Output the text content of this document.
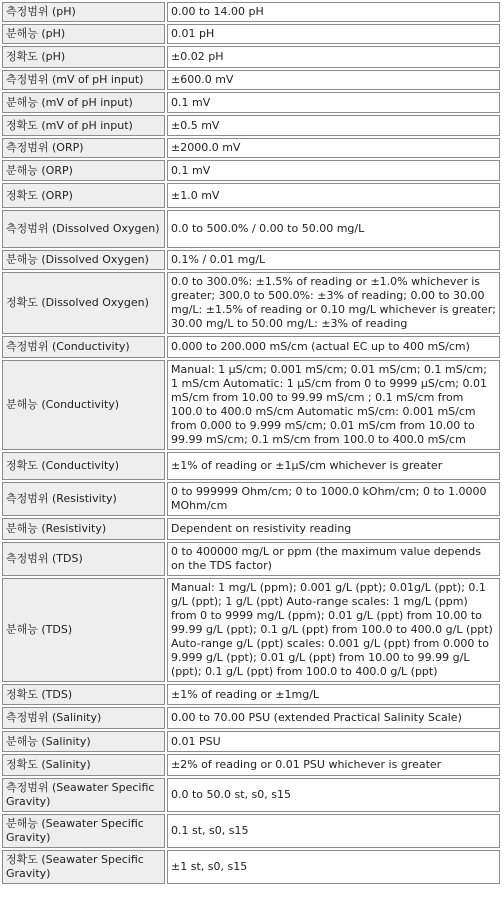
측정범위 (pH)	0.00 to 14.00 pH
분해능 (pH)	0.01 pH
정확도 (pH)	±0.02 pH
측정범위 (mV of pH input)	±600.0 mV
분해능 (mV of pH input)	0.1 mV
정확도 (mV of pH input)	±0.5 mV
측정범위 (ORP)	±2000.0 mV
분해능 (ORP)	0.1 mV
정확도 (ORP)	±1.0 mV
측정범위 (Dissolved Oxygen)	0.0 to 500.0% / 0.00 to 50.00 mg/L
분해능 (Dissolved Oxygen)	0.1% / 0.01 mg/L
정확도 (Dissolved Oxygen)	0.0 to 300.0%: ±1.5% of reading or ±1.0% whichever is greater; 300.0 to 500.0%: ±3% of reading; 0.00 to 30.00 mg/L: ±1.5% of reading or 0.10 mg/L whichever is greater; 30.00 mg/L to 50.00 mg/L: ±3% of reading
측정범위 (Conductivity)	0.000 to 200.000 mS/cm (actual EC up to 400 mS/cm)
분해능 (Conductivity)	Manual: 1 µS/cm; 0.001 mS/cm; 0.01 mS/cm; 0.1 mS/cm; 1 mS/cm Automatic: 1 µS/cm from 0 to 9999 µS/cm; 0.01 mS/cm from 10.00 to 99.99 mS/cm ; 0.1 mS/cm from 100.0 to 400.0 mS/cm Automatic mS/cm: 0.001 mS/cm from 0.000 to 9.999 mS/cm; 0.01 mS/cm from 10.00 to 99.99 mS/cm; 0.1 mS/cm from 100.0 to 400.0 mS/cm
정확도 (Conductivity)	±1% of reading or ±1µS/cm whichever is greater
측정범위 (Resistivity)	0 to 999999 Ohm/cm; 0 to 1000.0 kOhm/cm; 0 to 1.0000 MOhm/cm
분해능 (Resistivity)	Dependent on resistivity reading
측정범위 (TDS)	0 to 400000 mg/L or ppm (the maximum value depends on the TDS factor)
분해능 (TDS)	Manual: 1 mg/L (ppm); 0.001 g/L (ppt); 0.01g/L (ppt); 0.1 g/L (ppt); 1 g/L (ppt) Auto-range scales: 1 mg/L (ppm) from 0 to 9999 mg/L (ppm); 0.01 g/L (ppt) from 10.00 to 99.99 g/L (ppt); 0.1 g/L (ppt) from 100.0 to 400.0 g/L (ppt) Auto-range g/L (ppt) scales: 0.001 g/L (ppt) from 0.000 to 9.999 g/L (ppt); 0.01 g/L (ppt) from 10.00 to 99.99 g/L (ppt); 0.1 g/L (ppt) from 100.0 to 400.0 g/L (ppt)
정확도 (TDS)	±1% of reading or ±1mg/L
측정범위 (Salinity)	0.00 to 70.00 PSU (extended Practical Salinity Scale)
분해능 (Salinity)	0.01 PSU
정확도 (Salinity)	±2% of reading or 0.01 PSU whichever is greater
측정범위 (Seawater Specific Gravity)	0.0 to 50.0 st, s0, s15
분해능 (Seawater Specific Gravity)	0.1 st, s0, s15
정확도 (Seawater Specific Gravity)	±1 st, s0, s15
